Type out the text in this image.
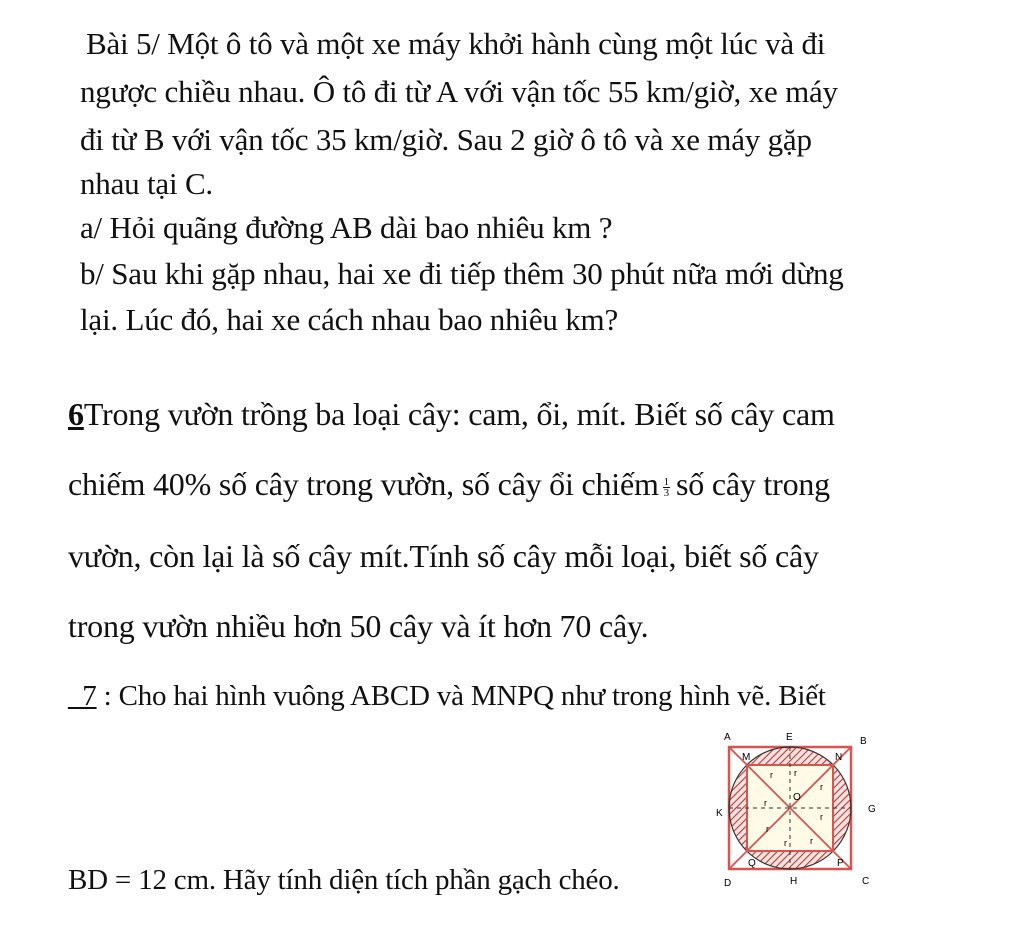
Bài 5/ Một ô tô và một xe máy khởi hành cùng một lúc và đi
ngược chiều nhau. Ô tô đi từ A với vận tốc 55 km/giờ, xe máy
đi từ B với vận tốc 35 km/giờ. Sau 2 giờ ô tô và xe máy gặp
nhau tại C.
a/ Hỏi quãng đường AB dài bao nhiêu km ?
b/ Sau khi gặp nhau, hai xe đi tiếp thêm 30 phút nữa mới dừng
lại. Lúc đó, hai xe cách nhau bao nhiêu km?
6Trong vườn trồng ba loại cây: cam, ổi, mít. Biết số cây cam
chiếm 40% số cây trong vườn, số cây ổi chiếm $\frac{1}{3}$ số cây trong
vườn, còn lại là số cây mít.Tính số cây mỗi loại, biết số cây
trong vườn nhiều hơn 50 cây và ít hơn 70 cây.
_7 : Cho hai hình vuông ABCD và MNPQ như trong hình vẽ. Biết
BD = 12 cm. Hãy tính diện tích phần gạch chéo.
A	E	B
M	N
K	G
O
Q	P
D	H	C
r r
r
r
r
r
r	r
